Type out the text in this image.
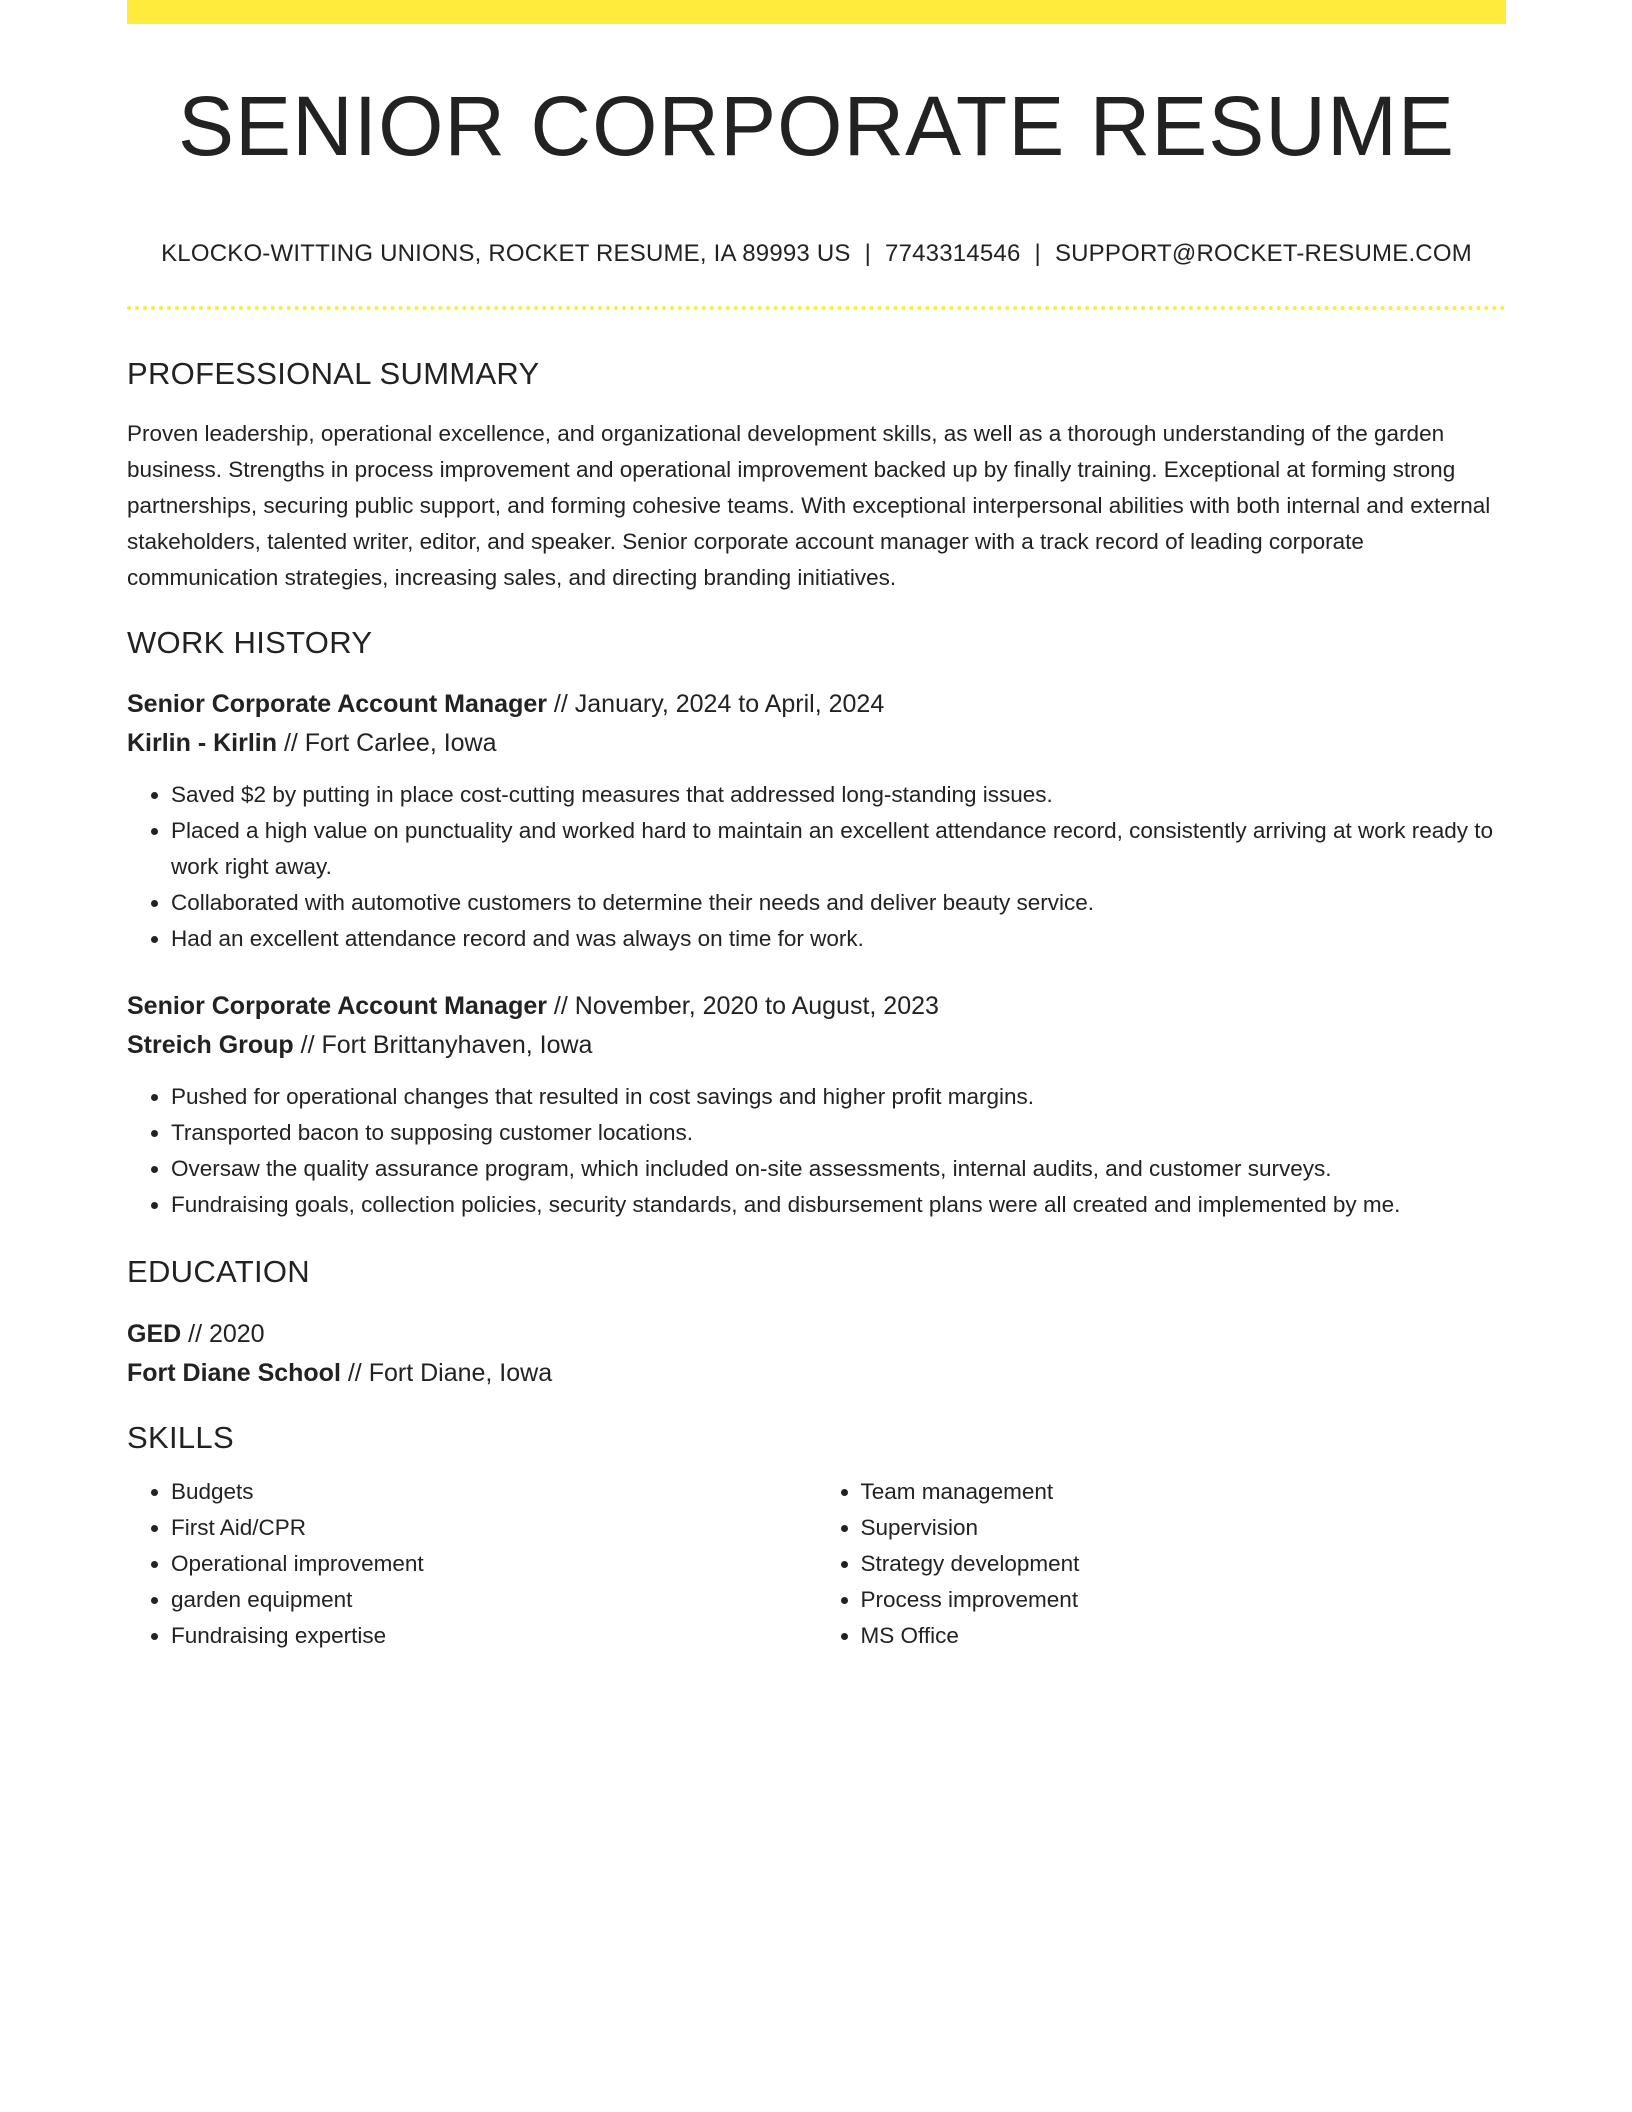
SENIOR CORPORATE RESUME
KLOCKO-WITTING UNIONS, ROCKET RESUME, IA 89993 US | 7743314546 | SUPPORT@ROCKET-RESUME.COM
PROFESSIONAL SUMMARY

Proven leadership, operational excellence, and organizational development skills, as well as a thorough understanding of the garden business. Strengths in process improvement and operational improvement backed up by finally training. Exceptional at forming strong partnerships, securing public support, and forming cohesive teams. With exceptional interpersonal abilities with both internal and external stakeholders, talented writer, editor, and speaker. Senior corporate account manager with a track record of leading corporate communication strategies, increasing sales, and directing branding initiatives.

WORK HISTORY
Senior Corporate Account Manager // January, 2024 to April, 2024
Kirlin - Kirlin // Fort Carlee, Iowa
• Saved $2 by putting in place cost-cutting measures that addressed long-standing issues.
• Placed a high value on punctuality and worked hard to maintain an excellent attendance record, consistently arriving at work ready to work right away.
• Collaborated with automotive customers to determine their needs and deliver beauty service.
• Had an excellent attendance record and was always on time for work.
Senior Corporate Account Manager // November, 2020 to August, 2023
Streich Group // Fort Brittanyhaven, Iowa
• Pushed for operational changes that resulted in cost savings and higher profit margins.
• Transported bacon to supposing customer locations.
• Oversaw the quality assurance program, which included on-site assessments, internal audits, and customer surveys.
• Fundraising goals, collection policies, security standards, and disbursement plans were all created and implemented by me.
EDUCATION
GED // 2020
Fort Diane School // Fort Diane, Iowa
SKILLS
• Budgets
• First Aid/CPR
• Operational improvement
• garden equipment
• Fundraising expertise
• Team management
• Supervision
• Strategy development
• Process improvement
• MS Office
